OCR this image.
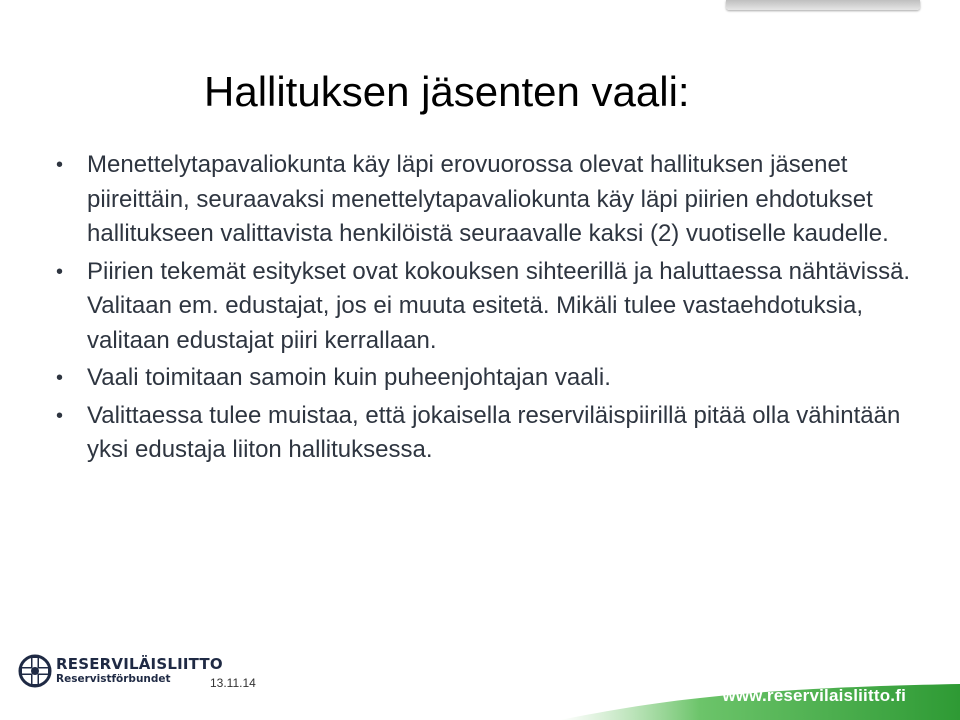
Hallituksen jäsenten vaali:
• Menettelytapavaliokunta käy läpi erovuorossa olevat hallituksen jäsenet piireittäin, seuraavaksi menettelytapavaliokunta käy läpi piirien ehdotukset hallitukseen valittavista henkilöistä seuraavalle kaksi (2) vuotiselle kaudelle.
• Piirien tekemät esitykset ovat kokouksen sihteerillä ja haluttaessa nähtävissä. Valitaan em. edustajat, jos ei muuta esitetä. Mikäli tulee vastaehdotuksia, valitaan edustajat piiri kerrallaan.
• Vaali toimitaan samoin kuin puheenjohtajan vaali.
• Valittaessa tulee muistaa, että jokaisella reserviläispiirillä pitää olla vähintään yksi edustaja liiton hallituksessa.
RESERVILÄISLIITTO
Reservistförbundet	13.11.14
www.reservilaisliitto.fi
